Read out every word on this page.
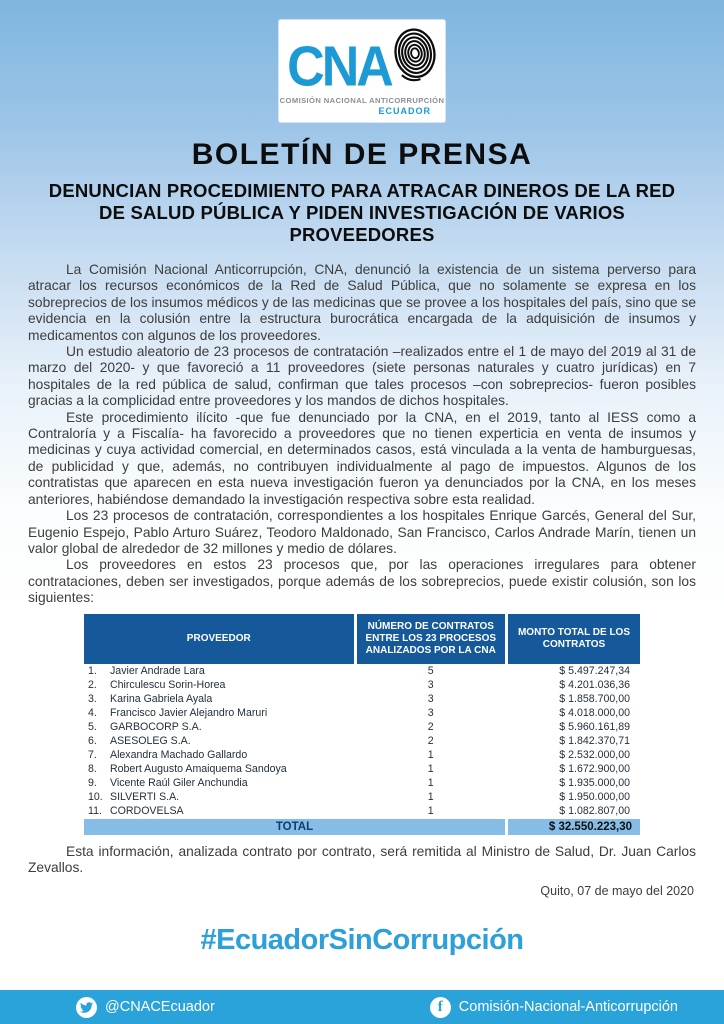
CNA
COMISIÓN NACIONAL ANTICORRUPCIÓN
ECUADOR
BOLETÍN DE PRENSA
DENUNCIAN PROCEDIMIENTO PARA ATRACAR DINEROS DE LA RED DE SALUD PÚBLICA Y PIDEN INVESTIGACIÓN DE VARIOS PROVEEDORES

La Comisión Nacional Anticorrupción, CNA, denunció la existencia de un sistema perverso para atracar los recursos económicos de la Red de Salud Pública, que no solamente se expresa en los sobreprecios de los insumos médicos y de las medicinas que se provee a los hospitales del país, sino que se evidencia en la colusión entre la estructura burocrática encargada de la adquisición de insumos y medicamentos con algunos de los proveedores.

Un estudio aleatorio de 23 procesos de contratación –realizados entre el 1 de mayo del 2019 al 31 de marzo del 2020- y que favoreció a 11 proveedores (siete personas naturales y cuatro jurídicas) en 7 hospitales de la red pública de salud, confirman que tales procesos –con sobreprecios- fueron posibles gracias a la complicidad entre proveedores y los mandos de dichos hospitales.

Este procedimiento ilícito -que fue denunciado por la CNA, en el 2019, tanto al IESS como a Contraloría y a Fiscalía- ha favorecido a proveedores que no tienen experticia en venta de insumos y medicinas y cuya actividad comercial, en determinados casos, está vinculada a la venta de hamburguesas, de publicidad y que, además, no contribuyen individualmente al pago de impuestos. Algunos de los contratistas que aparecen en esta nueva investigación fueron ya denunciados por la CNA, en los meses anteriores, habiéndose demandado la investigación respectiva sobre esta realidad.

Los 23 procesos de contratación, correspondientes a los hospitales Enrique Garcés, General del Sur, Eugenio Espejo, Pablo Arturo Suárez, Teodoro Maldonado, San Francisco, Carlos Andrade Marín, tienen un valor global de alrededor de 32 millones y medio de dólares.

Los proveedores en estos 23 procesos que, por las operaciones irregulares para obtener contrataciones, deben ser investigados, porque además de los sobreprecios, puede existir colusión, son los siguientes:

PROVEEDOR	NÚMERO DE CONTRATOS ENTRE LOS 23 PROCESOS ANALIZADOS POR LA CNA	MONTO TOTAL DE LOS CONTRATOS
1. Javier Andrade Lara	5	$ 5.497.247,34
2. Chirculescu Sorin-Horea	3	$ 4.201.036,36
3. Karina Gabriela Ayala	3	$ 1.858.700,00
4. Francisco Javier Alejandro Maruri	3	$ 4.018.000,00
5. GARBOCORP S.A.	2	$ 5.960.161,89
6. ASESOLEG S.A.	2	$ 1.842.370,71
7. Alexandra Machado Gallardo	1	$ 2.532.000,00
8. Robert Augusto Amaiquema Sandoya	1	$ 1.672.900,00
9. Vicente Raúl Giler Anchundia	1	$ 1.935.000,00
10. SILVERTI S.A.	1	$ 1.950.000,00
11. CORDOVELSA	1	$ 1.082.807,00
TOTAL		$ 32.550.223,30

Esta información, analizada contrato por contrato, será remitida al Ministro de Salud, Dr. Juan Carlos Zevallos.

Quito, 07 de mayo del 2020
#EcuadorSinCorrupción
@CNACEcuador	f Comisión-Nacional-Anticorrupción
